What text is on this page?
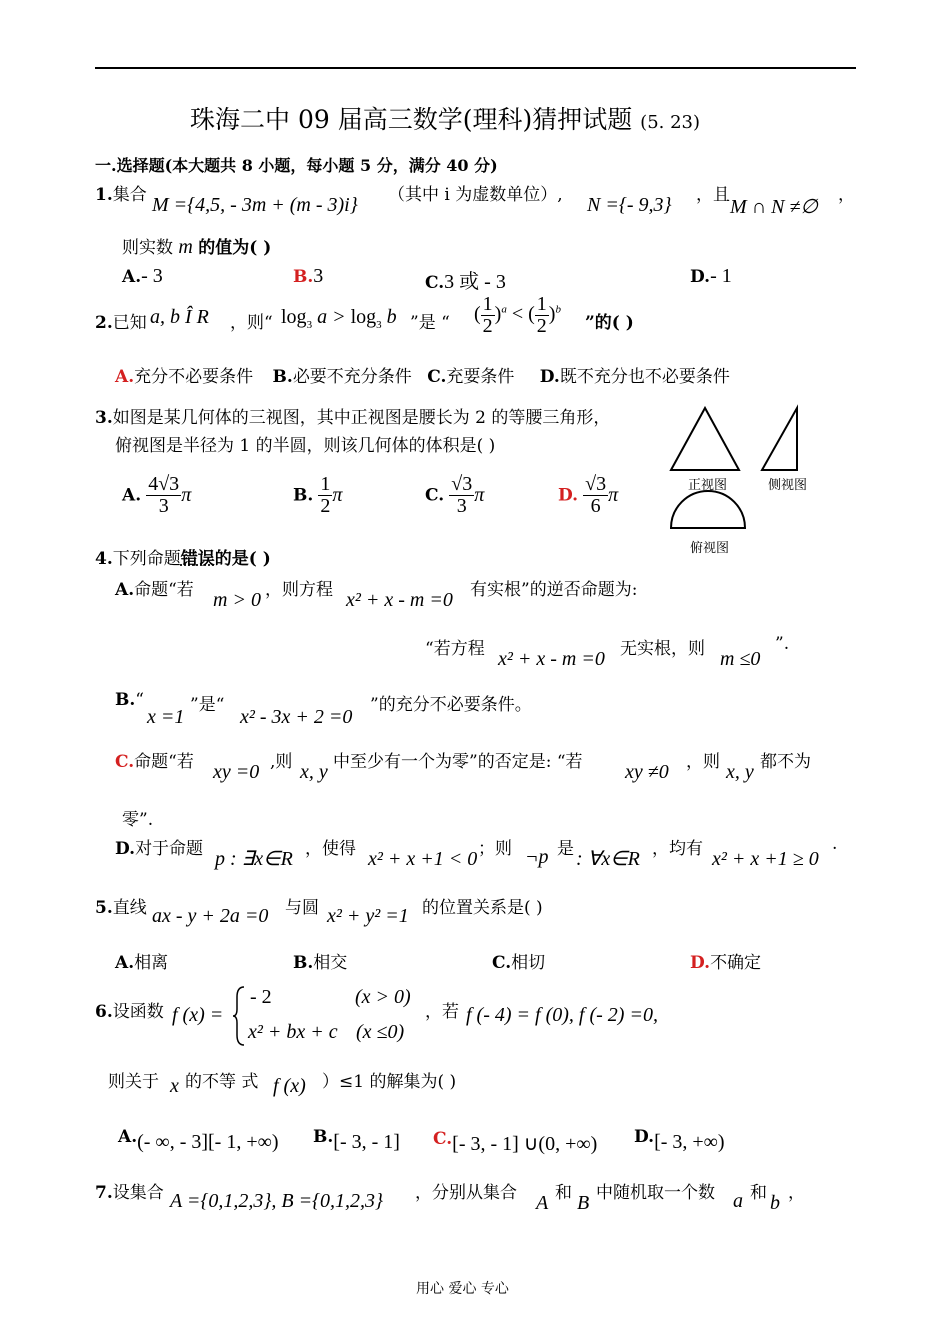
珠海二中 09 届高三数学(理科)猜押试题 (5. 23)
一.选择题(本大题共 8 小题，每小题 5 分，满分 40 分)
1.集合 M ={4,5, - 3m + (m - 3)i} （其中 i 为虚数单位）, N ={- 9,3} ，且
M ∩ N ≠∅
，
则实数 m 的值为( )
A.- 3	B.3	C.3 或 - 3	D.- 1
2.已知 a, b Î R ，则“ $\log_3 a > \log_3 b$ ”是 “ ( $\frac{1}{2} )^a$ < ( $\frac{1}{2} )^b$
”的( )
A.充分不必要条件 B.必要不充分条件 C.充要条件 D.既不充分也不必要条件
3.如图是某几何体的三视图，其中正视图是腰长为 2 的等腰三角形，
俯视图是半径为 1 的半圆，则该几何体的体积是( )
A. $\frac{4√3}{3}$ π	B. $\frac{1}{2}$ π	C. $\frac{√3}{3}$ π	D. $\frac{√3}{6}$ π	正视图	侧视图
俯视图
4.下列命题错误的是( )
A.命题“若 m > 0 ，则方程 x² + x - m =0 有实根”的逆否命题为:
“若方程 x² + x - m =0 无实根，则 m ≤0
”.
B.“
x =1
”是“
x² - 3x + 2 =0
”的充分不必要条件。
C.命题“若 xy =0 ,则 x, y 中至少有一个为零”的否定是: “若 xy ≠0 ，则 x, y 都不为
零”.
D.对于命题 p : ∃x∈R ，使得 x² + x +1 < 0 ；则 ¬p 是 : ∀x∈R ，均有 x² + x +1 ≥ 0
.
5.直线 ax - y + 2a =0 与圆 x² + y² =1 的位置关系是( )
A.相离	B.相交	C.相切	D.不确定
6.设函数 f (x) =
- 2	(x > 0)
x² + bx + c (x ≤0)
，若 f (- 4) = f (0), f (- 2) =0,
则关于 x 的不等 式 f (x) ）≤1 的解集为( )
A.(- ∞, - 3][- 1, +∞) B.[- 3, - 1] C.[- 3, - 1] ∪(0, +∞) D.[- 3, +∞)
7.设集合 A ={0,1,2,3}, B ={0,1,2,3} ，分别从集合 A 和 B 中随机取一个数 a 和 b ，
用心 爱心 专心
